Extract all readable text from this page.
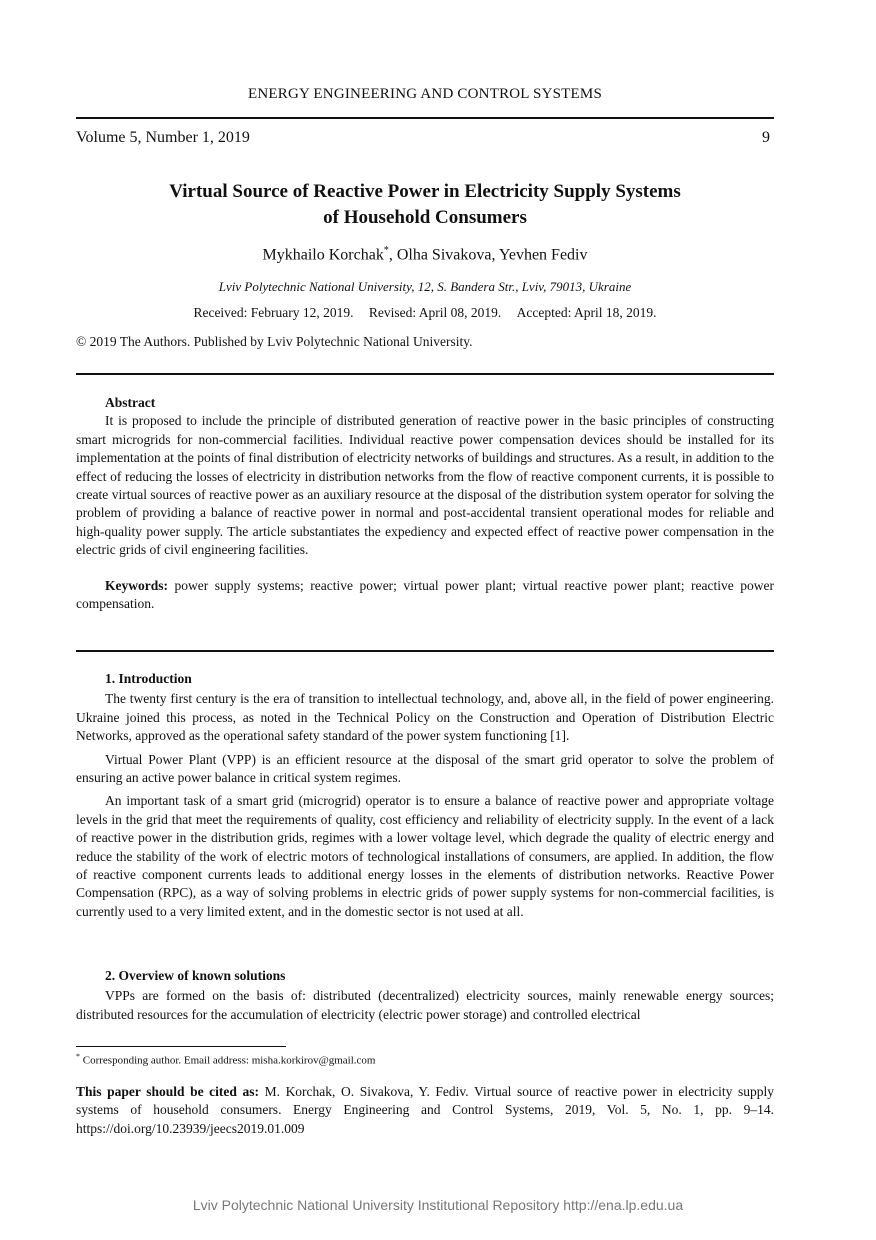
ENERGY ENGINEERING AND CONTROL SYSTEMS
Volume 5, Number 1, 2019	9
Virtual Source of Reactive Power in Electricity Supply Systems
of Household Consumers
Mykhailo Korchak*, Olha Sivakova, Yevhen Fediv
Lviv Polytechnic National University, 12, S. Bandera Str., Lviv, 79013, Ukraine
Received: February 12, 2019. Revised: April 08, 2019. Accepted: April 18, 2019.
© 2019 The Authors. Published by Lviv Polytechnic National University.
Abstract

It is proposed to include the principle of distributed generation of reactive power in the basic principles of constructing smart microgrids for non-commercial facilities. Individual reactive power compensation devices should be installed for its implementation at the points of final distribution of electricity networks of buildings and structures. As a result, in addition to the effect of reducing the losses of electricity in distribution networks from the flow of reactive component currents, it is possible to create virtual sources of reactive power as an auxiliary resource at the disposal of the distribution system operator for solving the problem of providing a balance of reactive power in normal and post-accidental transient operational modes for reliable and high-quality power supply. The article substantiates the expediency and expected effect of reactive power compensation in the electric grids of civil engineering facilities.

Keywords: power supply systems; reactive power; virtual power plant; virtual reactive power plant; reactive power compensation.

1. Introduction

The twenty first century is the era of transition to intellectual technology, and, above all, in the field of power engineering. Ukraine joined this process, as noted in the Technical Policy on the Construction and Operation of Distribution Electric Networks, approved as the operational safety standard of the power system functioning [1].

Virtual Power Plant (VPP) is an efficient resource at the disposal of the smart grid operator to solve the problem of ensuring an active power balance in critical system regimes.

An important task of a smart grid (microgrid) operator is to ensure a balance of reactive power and appropriate voltage levels in the grid that meet the requirements of quality, cost efficiency and reliability of electricity supply. In the event of a lack of reactive power in the distribution grids, regimes with a lower voltage level, which degrade the quality of electric energy and reduce the stability of the work of electric motors of technological installations of consumers, are applied. In addition, the flow of reactive component currents leads to additional energy losses in the elements of distribution networks. Reactive Power Compensation (RPC), as a way of solving problems in electric grids of power supply systems for non-commercial facilities, is currently used to a very limited extent, and in the domestic sector is not used at all.

2. Overview of known solutions

VPPs are formed on the basis of: distributed (decentralized) electricity sources, mainly renewable energy sources; distributed resources for the accumulation of electricity (electric power storage) and controlled electrical

* Corresponding author. Email address: misha.korkirov@gmail.com
This paper should be cited as: M. Korchak, O. Sivakova, Y. Fediv. Virtual source of reactive power in electricity supply systems of household consumers. Energy Engineering and Control Systems, 2019, Vol. 5, No. 1, pp. 9–14. https://doi.org/10.23939/jeecs2019.01.009
Lviv Polytechnic National University Institutional Repository http://ena.lp.edu.ua
